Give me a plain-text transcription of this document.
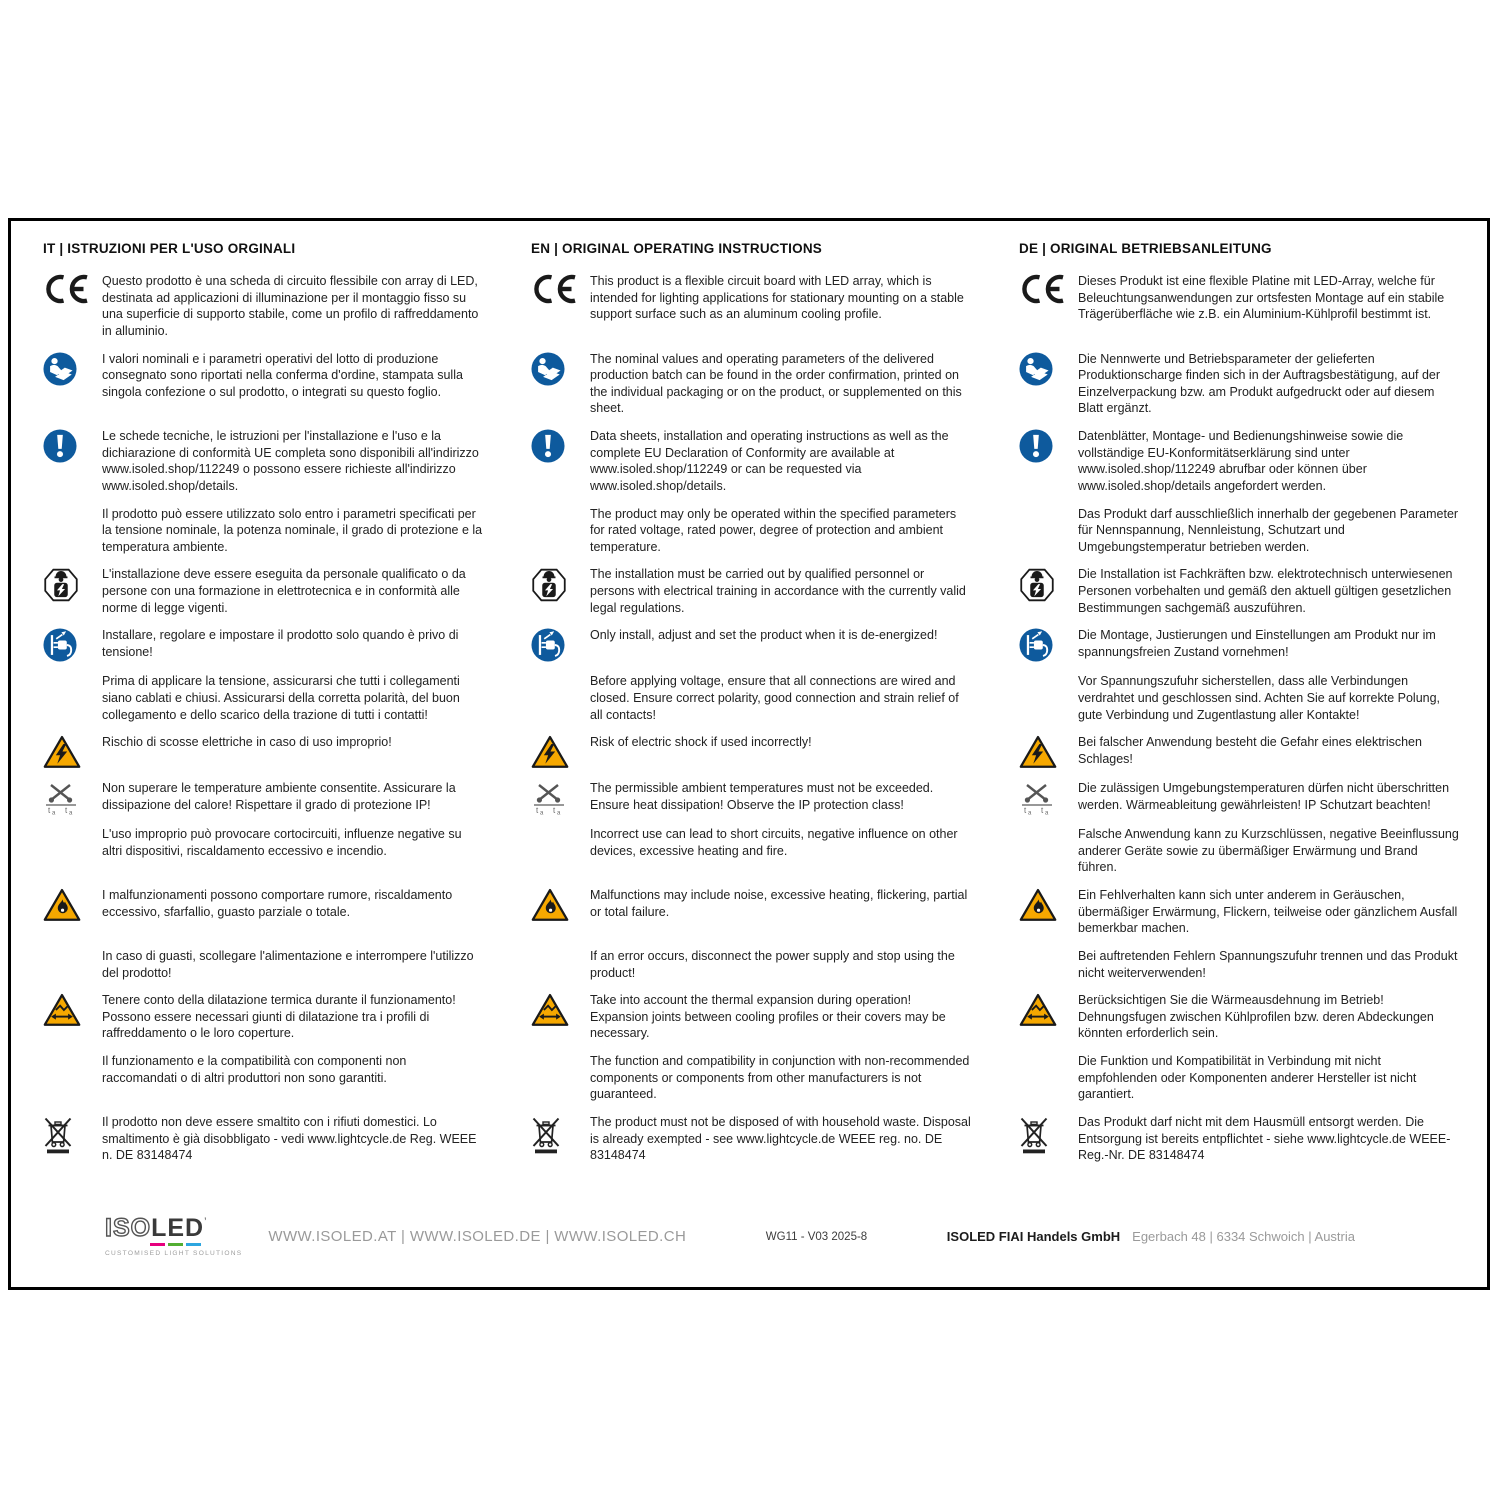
IT | ISTRUZIONI PER L'USO ORGINALI	EN | ORIGINAL OPERATING INSTRUCTIONS	DE | ORIGINAL BETRIEBSANLEITUNG

Questo prodotto è una scheda di circuito flessibile con array di LED, destinata ad applicazioni di illuminazione per il montaggio fisso su una superficie di supporto stabile, come un profilo di raffreddamento in alluminio.

This product is a flexible circuit board with LED array, which is intended for lighting applications for stationary mounting on a stable support surface such as an aluminum cooling profile.

Dieses Produkt ist eine flexible Platine mit LED-Array, welche für Beleuchtungsanwendungen zur ortsfesten Montage auf ein stabile Trägerüberfläche wie z.B. ein Aluminium-Kühlprofil bestimmt ist.

I valori nominali e i parametri operativi del lotto di produzione consegnato sono riportati nella conferma d'ordine, stampata sulla singola confezione o sul prodotto, o integrati su questo foglio.

The nominal values and operating parameters of the delivered production batch can be found in the order confirmation, printed on the individual packaging or on the product, or supplemented on this sheet.

Die Nennwerte und Betriebsparameter der gelieferten Produktionscharge finden sich in der Auftragsbestätigung, auf der Einzelverpackung bzw. am Produkt aufgedruckt oder auf diesem Blatt ergänzt.

Le schede tecniche, le istruzioni per l'installazione e l'uso e la dichiarazione di conformità UE completa sono disponibili all'indirizzo www.isoled.shop/112249 o possono essere richieste all'indirizzo www.isoled.shop/details.

Data sheets, installation and operating instructions as well as the complete EU Declaration of Conformity are available at www.isoled.shop/112249 or can be requested via www.isoled.shop/details.

Datenblätter, Montage- und Bedienungshinweise sowie die vollständige EU-Konformitätserklärung sind unter www.isoled.shop/112249 abrufbar oder können über www.isoled.shop/details angefordert werden.

Il prodotto può essere utilizzato solo entro i parametri specificati per la tensione nominale, la potenza nominale, il grado di protezione e la temperatura ambiente.

The product may only be operated within the specified parameters for rated voltage, rated power, degree of protection and ambient temperature.

Das Produkt darf ausschließlich innerhalb der gegebenen Parameter für Nennspannung, Nennleistung, Schutzart und Umgebungstemperatur betrieben werden.

L'installazione deve essere eseguita da personale qualificato o da persone con una formazione in elettrotecnica e in conformità alle norme di legge vigenti.

The installation must be carried out by qualified personnel or persons with electrical training in accordance with the currently valid legal regulations.

Die Installation ist Fachkräften bzw. elektrotechnisch unterwiesenen Personen vorbehalten und gemäß den aktuell gültigen gesetzlichen Bestimmungen sachgemäß auszuführen.

Installare, regolare e impostare il prodotto solo quando è privo di tensione!

Only install, adjust and set the product when it is de-energized!	Die Montage, Justierungen und Einstellungen am Produkt nur im spannungsfreien Zustand vornehmen!

Prima di applicare la tensione, assicurarsi che tutti i collegamenti siano cablati e chiusi. Assicurarsi della corretta polarità, del buon collegamento e dello scarico della trazione di tutti i contatti!

Before applying voltage, ensure that all connections are wired and closed. Ensure correct polarity, good connection and strain relief of all contacts!

Vor Spannungszufuhr sicherstellen, dass alle Verbindungen verdrahtet und geschlossen sind. Achten Sie auf korrekte Polung, gute Verbindung und Zugentlastung aller Kontakte!

Rischio di scosse elettriche in caso di uso improprio!	Risk of electric shock if used incorrectly!	Bei falscher Anwendung besteht die Gefahr eines elektrischen Schlages!

t a t a

Non superare le temperature ambiente consentite. Assicurare la dissipazione del calore! Rispettare il grado di protezione IP!	t a t a

The permissible ambient temperatures must not be exceeded. Ensure heat dissipation! Observe the IP protection class!	t a t a

Die zulässigen Umgebungstemperaturen dürfen nicht überschritten werden. Wärmeableitung gewährleisten! IP Schutzart beachten!

L'uso improprio può provocare cortocircuiti, influenze negative su altri dispositivi, riscaldamento eccessivo e incendio.

Incorrect use can lead to short circuits, negative influence on other devices, excessive heating and fire.

Falsche Anwendung kann zu Kurzschlüssen, negative Beeinflussung anderer Geräte sowie zu übermäßiger Erwärmung und Brand führen.

I malfunzionamenti possono comportare rumore, riscaldamento eccessivo, sfarfallio, guasto parziale o totale.

Malfunctions may include noise, excessive heating, flickering, partial or total failure.

Ein Fehlverhalten kann sich unter anderem in Geräuschen, übermäßiger Erwärmung, Flickern, teilweise oder gänzlichem Ausfall bemerkbar machen.

In caso di guasti, scollegare l'alimentazione e interrompere l'utilizzo del prodotto!

If an error occurs, disconnect the power supply and stop using the product!

Bei auftretenden Fehlern Spannungszufuhr trennen und das Produkt nicht weiterverwenden!

Tenere conto della dilatazione termica durante il funzionamento! Possono essere necessari giunti di dilatazione tra i profili di raffreddamento o le loro coperture.

Take into account the thermal expansion during operation! Expansion joints between cooling profiles or their covers may be necessary.

Berücksichtigen Sie die Wärmeausdehnung im Betrieb! Dehnungsfugen zwischen Kühlprofilen bzw. deren Abdeckungen könnten erforderlich sein.

Il funzionamento e la compatibilità con componenti non raccomandati o di altri produttori non sono garantiti.

The function and compatibility in conjunction with non-recommended components or components from other manufacturers is not guaranteed.

Die Funktion und Kompatibilität in Verbindung mit nicht empfohlenden oder Komponenten anderer Hersteller ist nicht garantiert.

Il prodotto non deve essere smaltito con i rifiuti domestici. Lo smaltimento è già disobbligato - vedi www.lightcycle.de Reg. WEEE n. DE 83148474

The product must not be disposed of with household waste. Disposal is already exempted - see www.lightcycle.de WEEE reg. no. DE 83148474

Das Produkt darf nicht mit dem Hausmüll entsorgt werden. Die Entsorgung ist bereits entpflichtet - siehe www.lightcycle.de WEEE-Reg.-Nr. DE 83148474

ISO LED ’
CUSTOMISED LIGHT SOLUTIONS
WWW.ISOLED.AT | WWW.ISOLED.DE | WWW.ISOLED.CH	WG11 - V03 2025-8	ISOLED FIAI Handels GmbH Egerbach 48 | 6334 Schwoich | Austria
